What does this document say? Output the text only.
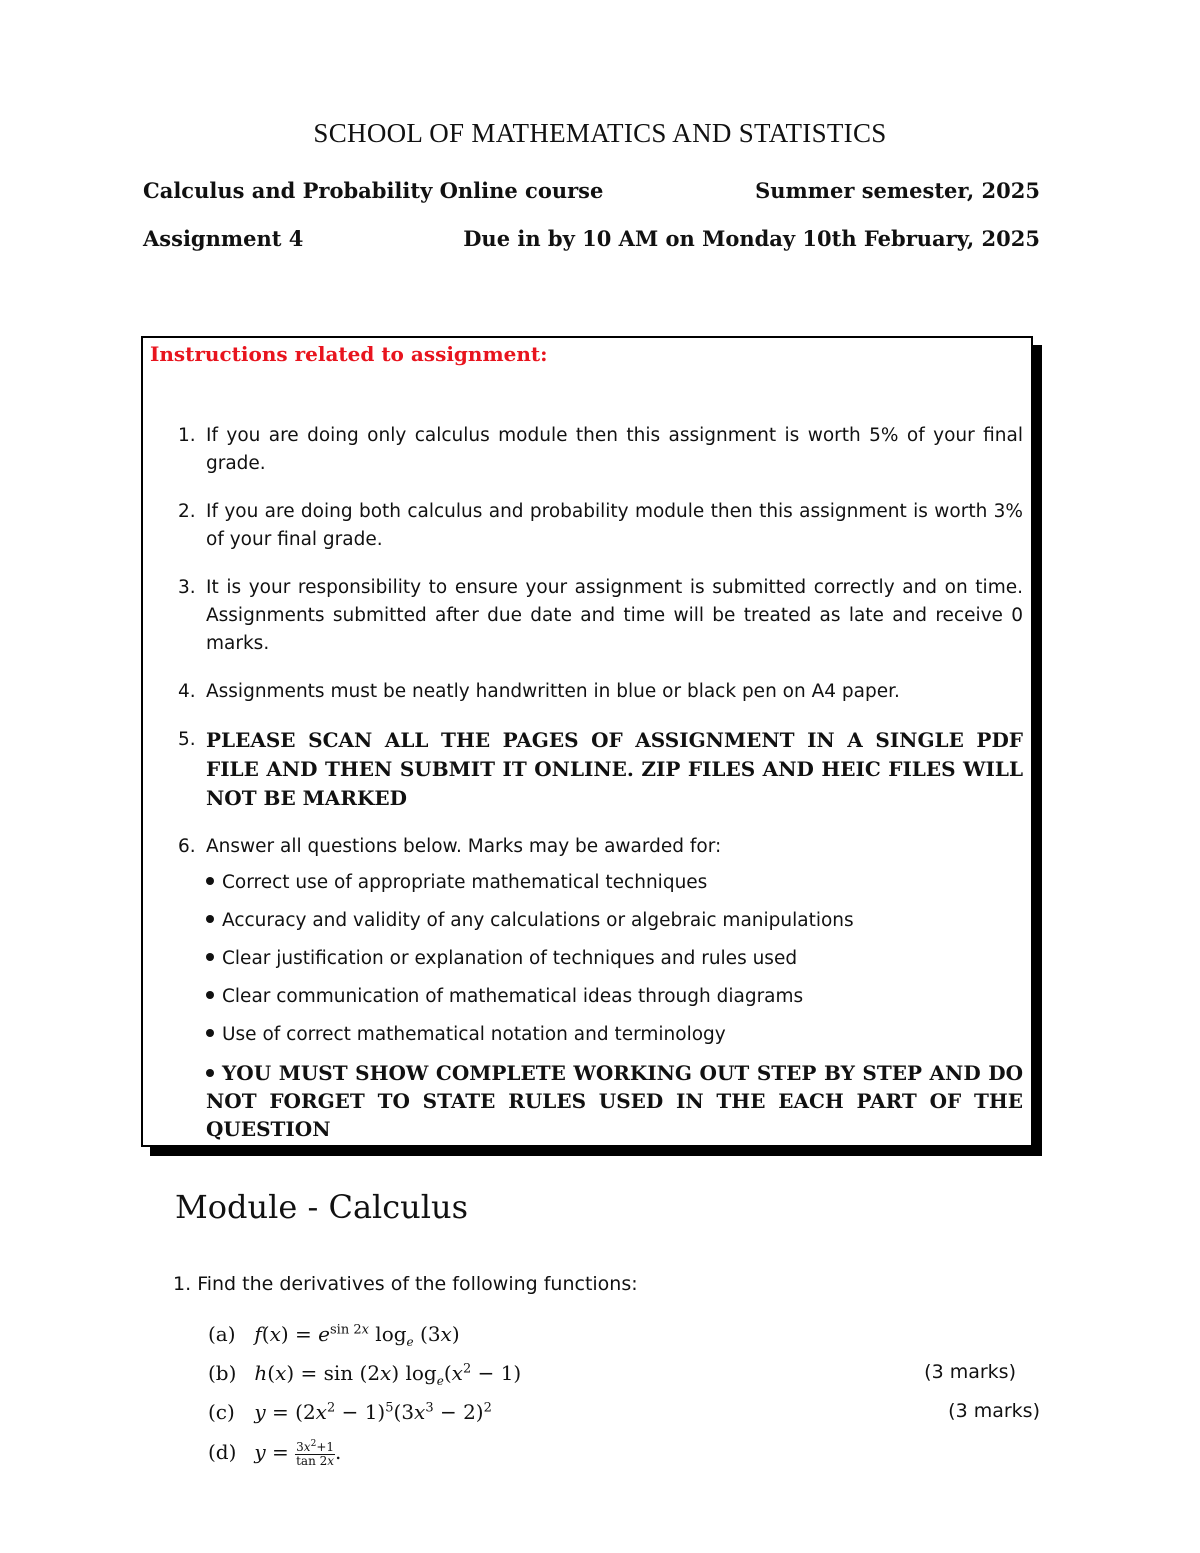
SCHOOL OF MATHEMATICS AND STATISTICS
Calculus and Probability Online course	Summer semester, 2025
Assignment 4	Due in by 10 AM on Monday 10th February, 2025
Instructions related to assignment:
1. If you are doing only calculus module then this assignment is worth 5% of your final grade.
2. If you are doing both calculus and probability module then this assignment is worth 3% of your final grade.
3. It is your responsibility to ensure your assignment is submitted correctly and on time. Assignments submitted after due date and time will be treated as late and receive 0 marks.
4. Assignments must be neatly handwritten in blue or black pen on A4 paper.
5. PLEASE SCAN ALL THE PAGES OF ASSIGNMENT IN A SINGLE PDF FILE AND THEN SUBMIT IT ONLINE. ZIP FILES AND HEIC FILES WILL NOT BE MARKED
6. Answer all questions below. Marks may be awarded for:
Correct use of appropriate mathematical techniques
Accuracy and validity of any calculations or algebraic manipulations
Clear justification or explanation of techniques and rules used
Clear communication of mathematical ideas through diagrams
Use of correct mathematical notation and terminology
YOU MUST SHOW COMPLETE WORKING OUT STEP BY STEP AND DO NOT FORGET TO STATE RULES USED IN THE EACH PART OF THE QUESTION
Module - Calculus
1. Find the derivatives of the following functions:
(a) $f(x) = e^{sin 2x}$ $\log_e (3x)$
(b) h(x) = sin (2x) $\log_e(x^2 - 1)$	(3 marks)
(c) $y = (2x^2 - 1)^5(3x^3 - 2)^2$	(3 marks)
(d) $y = \frac{3x^2+1}{\tan 2x}$ .
